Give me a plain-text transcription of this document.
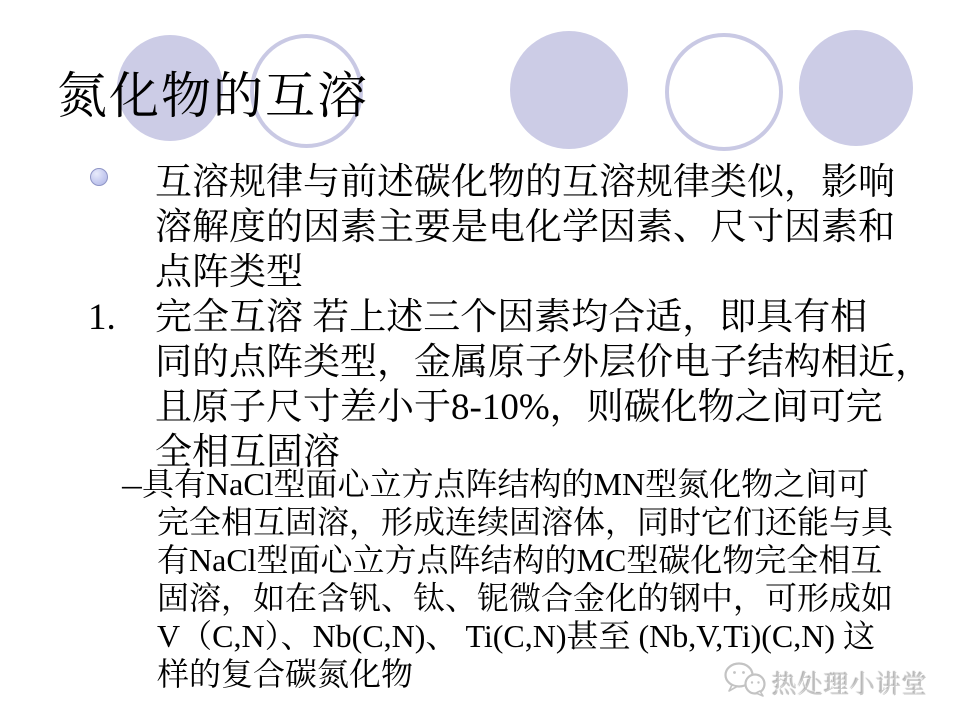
氮化物的互溶
互溶规律与前述碳化物的互溶规律类似，影响
溶解度的因素主要是电化学因素、尺寸因素和
点阵类型
1. 完全互溶 若上述三个因素均合适，即具有相
同的点阵类型，金属原子外层价电子结构相近，
且原子尺寸差小于8-10%，则碳化物之间可完
全相互固溶
—具有NaCl型面心立方点阵结构的MN型氮化物之间可
完全相互固溶，形成连续固溶体，同时它们还能与具
有NaCl型面心立方点阵结构的MC型碳化物完全相互
固溶，如在含钒、钛、铌微合金化的钢中，可形成如
V（C,N）、Nb(C,N)、 Ti(C,N)甚至 (Nb,V,Ti)(C,N) 这
样的复合碳氮化物	热处理小讲堂
